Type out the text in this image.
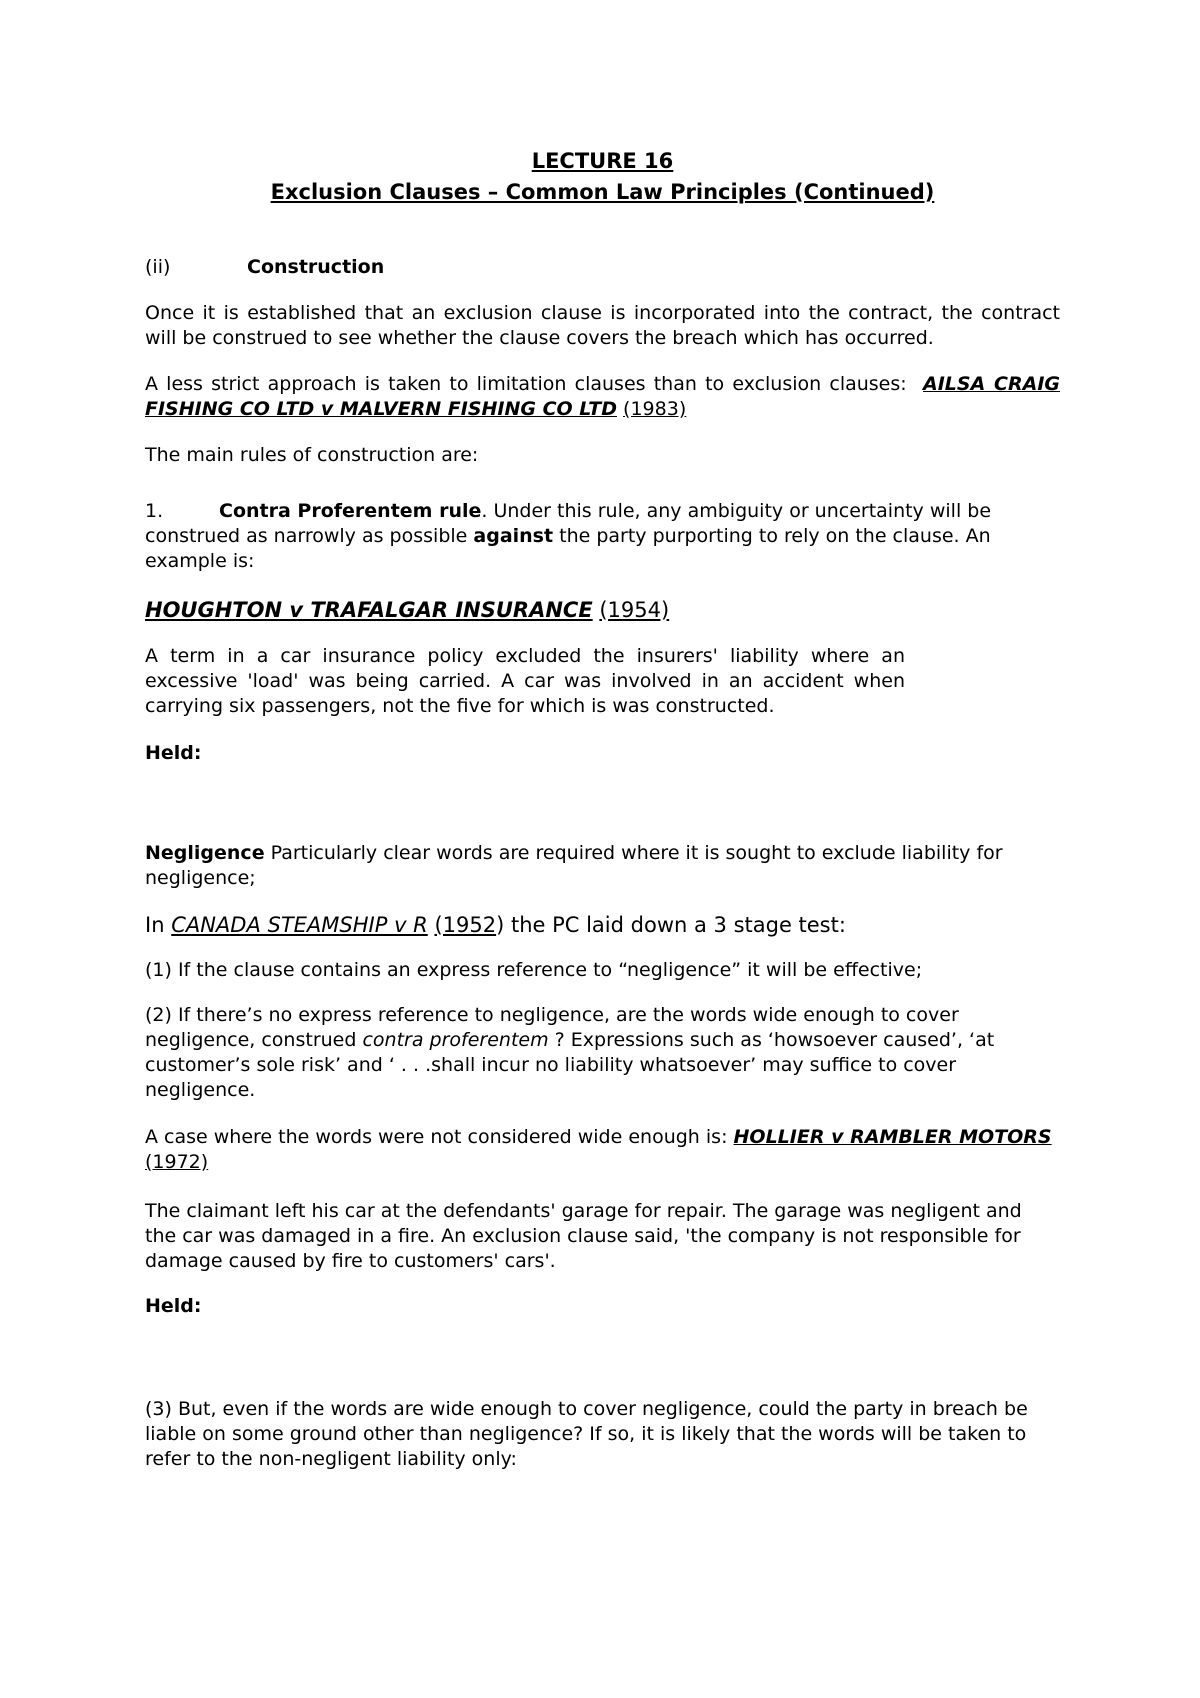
LECTURE 16
Exclusion Clauses – Common Law Principles (Continued)

(ii)	Construction

Once it is established that an exclusion clause is incorporated into the contract, the contract will be construed to see whether the clause covers the breach which has occurred.

A less strict approach is taken to limitation clauses than to exclusion clauses: AILSA CRAIG FISHING CO LTD v MALVERN FISHING CO LTD (1983)

The main rules of construction are:

1.	Contra Proferentem rule. Under this rule, any ambiguity or uncertainty will be construed as narrowly as possible against the party purporting to rely on the clause. An example is:

HOUGHTON v TRAFALGAR INSURANCE (1954)

A term in a car insurance policy excluded the insurers' liability where an excessive 'load' was being carried. A car was involved in an accident when carrying six passengers, not the five for which is was constructed.

Held:

Negligence Particularly clear words are required where it is sought to exclude liability for negligence;

In CANADA STEAMSHIP v R (1952) the PC laid down a 3 stage test:

(1) If the clause contains an express reference to “negligence” it will be effective;

(2) If there’s no express reference to negligence, are the words wide enough to cover negligence, construed contra proferentem ? Expressions such as ‘howsoever caused’, ‘at customer’s sole risk’ and ‘ . . .shall incur no liability whatsoever’ may suffice to cover negligence.

A case where the words were not considered wide enough is: HOLLIER v RAMBLER MOTORS (1972)

The claimant left his car at the defendants' garage for repair. The garage was negligent and the car was damaged in a fire. An exclusion clause said, 'the company is not responsible for damage caused by fire to customers' cars'.

Held:

(3) But, even if the words are wide enough to cover negligence, could the party in breach be liable on some ground other than negligence? If so, it is likely that the words will be taken to refer to the non-negligent liability only:
